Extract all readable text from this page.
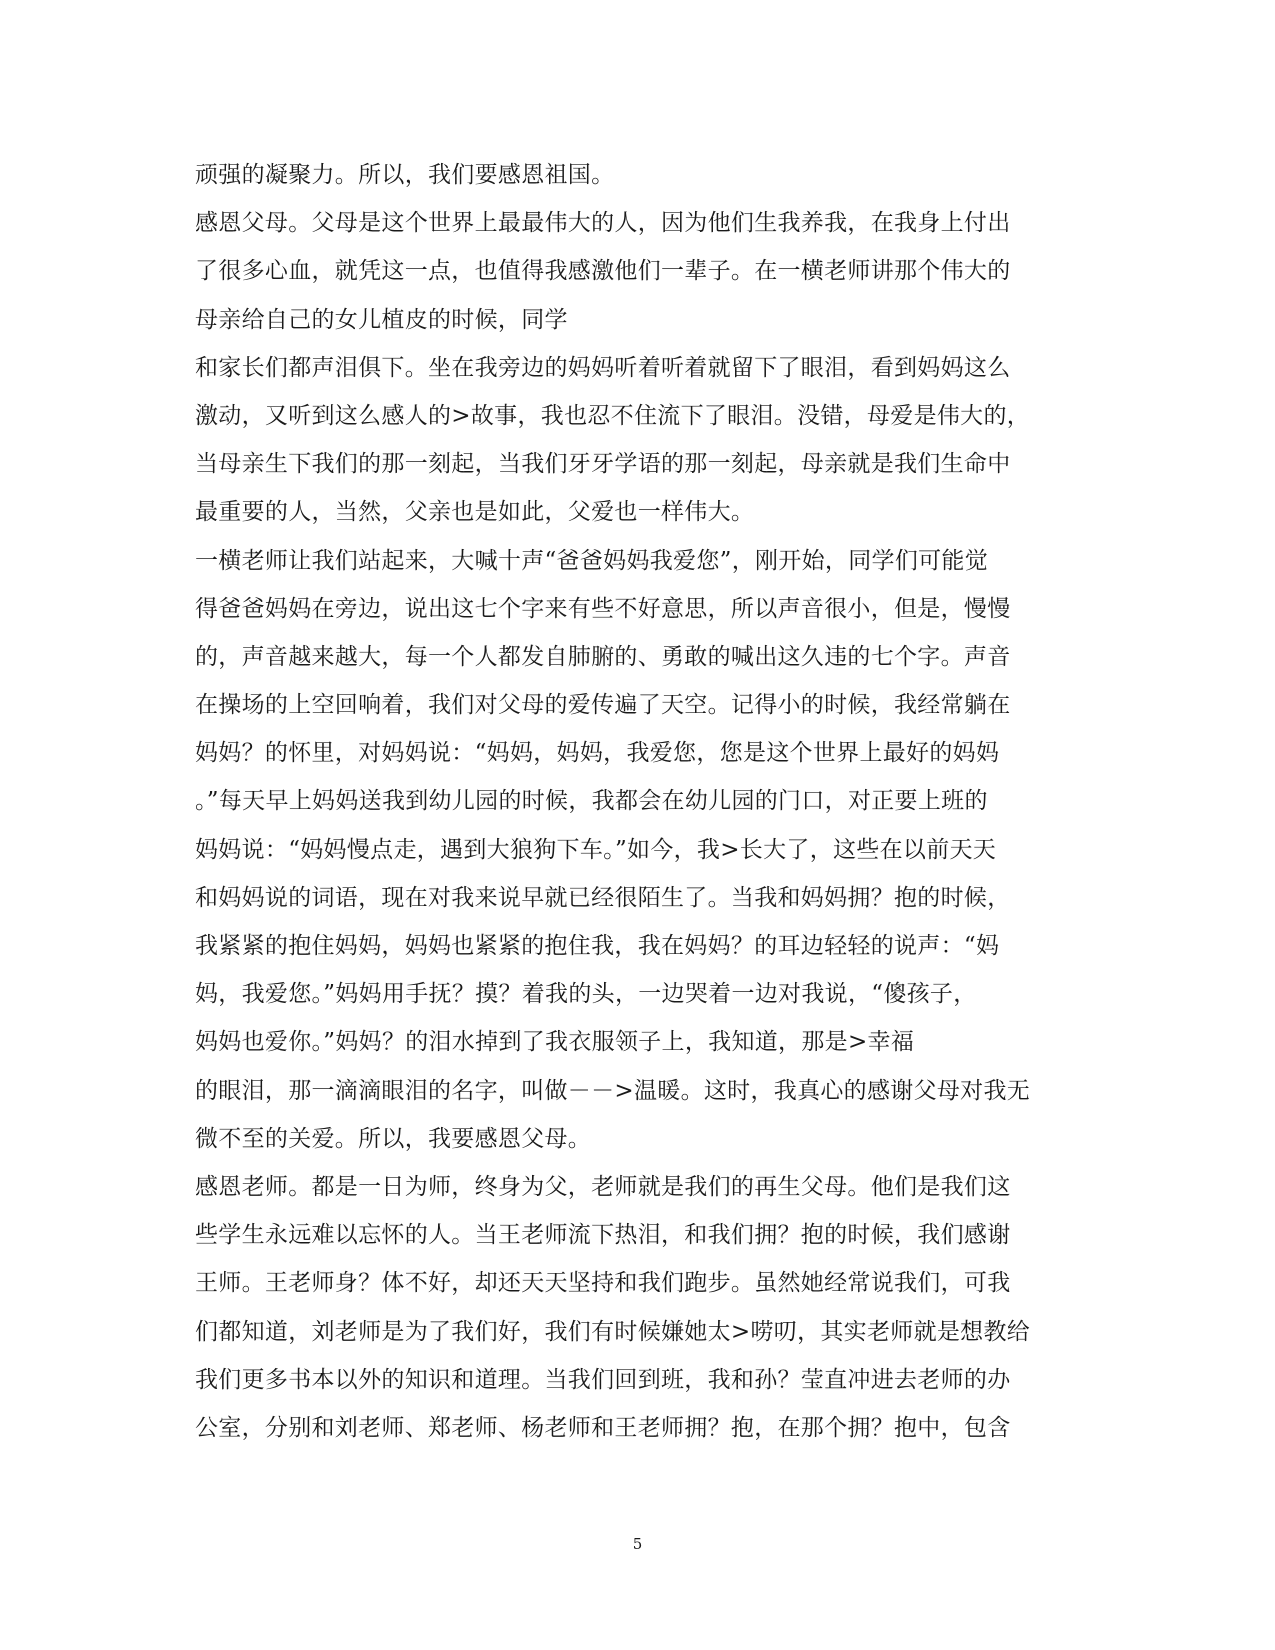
顽强的凝聚力。所以，我们要感恩祖国。
感恩父母。父母是这个世界上最最伟大的人，因为他们生我养我，在我身上付出
了很多心血，就凭这一点，也值得我感激他们一辈子。在一横老师讲那个伟大的
母亲给自己的女儿植皮的时候，同学
和家长们都声泪俱下。坐在我旁边的妈妈听着听着就留下了眼泪，看到妈妈这么
激动，又听到这么感人的>故事，我也忍不住流下了眼泪。没错，母爱是伟大的，
当母亲生下我们的那一刻起，当我们牙牙学语的那一刻起，母亲就是我们生命中
最重要的人，当然，父亲也是如此，父爱也一样伟大。
一横老师让我们站起来，大喊十声“爸爸妈妈我爱您”，刚开始，同学们可能觉
得爸爸妈妈在旁边，说出这七个字来有些不好意思，所以声音很小，但是，慢慢
的，声音越来越大，每一个人都发自肺腑的、勇敢的喊出这久违的七个字。声音
在操场的上空回响着，我们对父母的爱传遍了天空。记得小的时候，我经常躺在
妈妈？的怀里，对妈妈说：“妈妈，妈妈，我爱您，您是这个世界上最好的妈妈
。”每天早上妈妈送我到幼儿园的时候，我都会在幼儿园的门口，对正要上班的
妈妈说：“妈妈慢点走，遇到大狼狗下车。”如今，我>长大了，这些在以前天天
和妈妈说的词语，现在对我来说早就已经很陌生了。当我和妈妈拥？抱的时候，
我紧紧的抱住妈妈，妈妈也紧紧的抱住我，我在妈妈？的耳边轻轻的说声：“妈
妈，我爱您。”妈妈用手抚？摸？着我的头，一边哭着一边对我说，“傻孩子，
妈妈也爱你。”妈妈？的泪水掉到了我衣服领子上，我知道，那是>幸福
的眼泪，那一滴滴眼泪的名字，叫做－－>温暖。这时，我真心的感谢父母对我无
微不至的关爱。所以，我要感恩父母。
感恩老师。都是一日为师，终身为父，老师就是我们的再生父母。他们是我们这
些学生永远难以忘怀的人。当王老师流下热泪，和我们拥？抱的时候，我们感谢
王师。王老师身？体不好，却还天天坚持和我们跑步。虽然她经常说我们，可我
们都知道，刘老师是为了我们好，我们有时候嫌她太>唠叨，其实老师就是想教给
我们更多书本以外的知识和道理。当我们回到班，我和孙？莹直冲进去老师的办
公室，分别和刘老师、郑老师、杨老师和王老师拥？抱，在那个拥？抱中，包含
5
